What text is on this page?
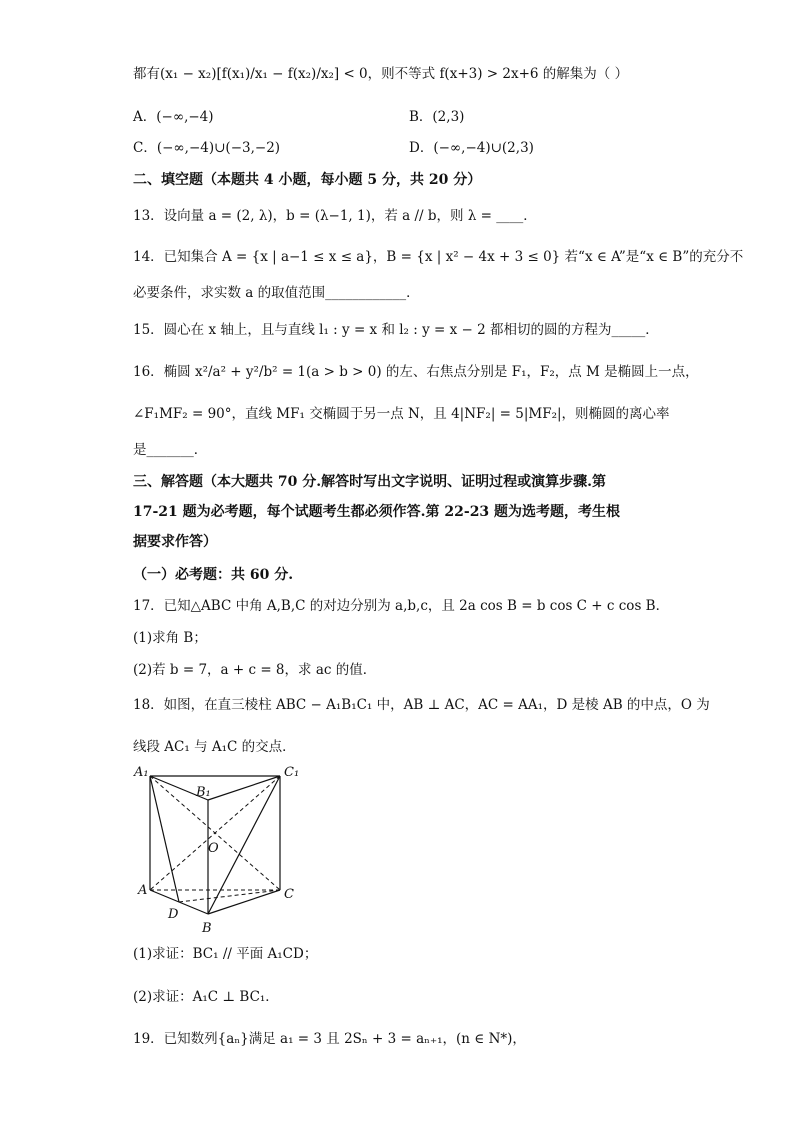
都有(x₁ − x₂)[f(x₁)/x₁ − f(x₂)/x₂] < 0，则不等式 f(x+3) > 2x+6 的解集为（ ）
A．(−∞,−4)	B．(2,3)
C．(−∞,−4)∪(−3,−2)	D．(−∞,−4)∪(2,3)
二、填空题（本题共 4 小题，每小题 5 分，共 20 分）
13．设向量 a = (2, λ)，b = (λ−1, 1)，若 a // b，则 λ = ____．
14．已知集合 A = {x | a−1 ≤ x ≤ a}，B = {x | x² − 4x + 3 ≤ 0} 若“x ∈ A”是“x ∈ B”的充分不
必要条件，求实数 a 的取值范围____________．
15．圆心在 x 轴上，且与直线 l₁ : y = x 和 l₂ : y = x − 2 都相切的圆的方程为_____．
16．椭圆 x²/a² + y²/b² = 1(a > b > 0) 的左、右焦点分别是 F₁，F₂，点 M 是椭圆上一点，
∠F₁MF₂ = 90°，直线 MF₁ 交椭圆于另一点 N，且 4|NF₂| = 5|MF₂|，则椭圆的离心率
是_______．
三、解答题（本大题共 70 分.解答时写出文字说明、证明过程或演算步骤.第
17-21 题为必考题，每个试题考生都必须作答.第 22-23 题为选考题，考生根
据要求作答）
（一）必考题：共 60 分.
17．已知△ABC 中角 A,B,C 的对边分别为 a,b,c，且 2a cos B = b cos C + c cos B．
(1)求角 B；
(2)若 b = 7，a + c = 8，求 ac 的值．
18．如图，在直三棱柱 ABC − A₁B₁C₁ 中，AB ⊥ AC，AC = AA₁，D 是棱 AB 的中点，O 为
线段 AC₁ 与 A₁C 的交点．
A₁	C₁
B₁
O
A	C
D
B
(1)求证：BC₁ // 平面 A₁CD；
(2)求证：A₁C ⊥ BC₁．
19．已知数列{aₙ}满足 a₁ = 3 且 2Sₙ + 3 = aₙ₊₁，(n ∈ N*)，
